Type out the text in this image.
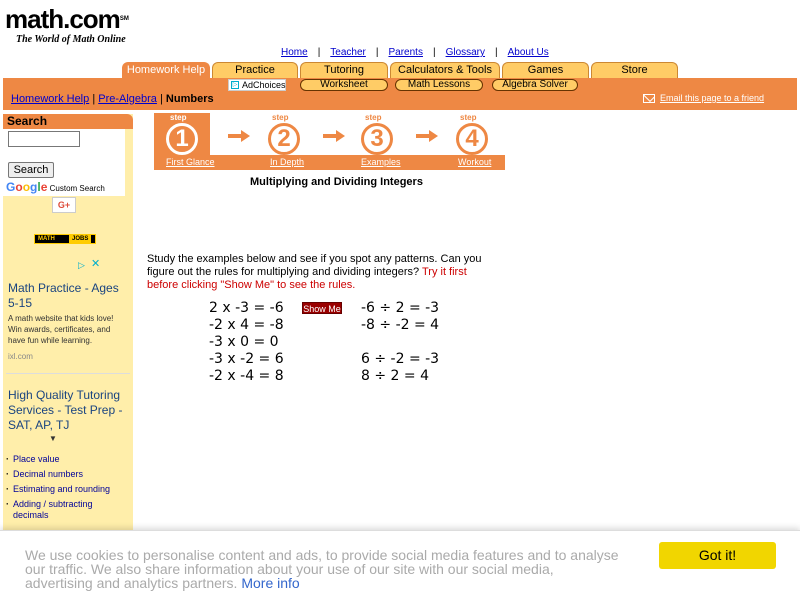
math.comSM
The World of Math Online
Home | Teacher | Parents | Glossary | About Us
Homework Help	Practice	Tutoring	Calculators & Tools	Games	Store
▷ AdChoices	Worksheet	Math Lessons	Algebra Solver
Homework Help | Pre-Algebra | Numbers	Email this page to a friend
Search
Search
Google Custom Search
G+
MATH	JOBS
▷ ✕
Math Practice - Ages 5-15
A math website that kids love! Win awards, certificates, and have fun while learning.
ixl.com
High Quality Tutoring Services - Test Prep - SAT, AP, TJ
▼
· Place value
· Decimal numbers
· Estimating and rounding
· Adding / subtracting decimals
step
1
step
2
step
3
step
4
First Glance	In Depth	Examples	Workout
Multiplying and Dividing Integers
Study the examples below and see if you spot any patterns. Can you figure out the rules for multiplying and dividing integers? Try it first before clicking "Show Me" to see the rules.
2 x -3 = -6
-2 x 4 = -8
-3 x 0 = 0
-3 x -2 = 6
-2 x -4 = 8
Show Me -6 ÷ 2 = -3
-8 ÷ -2 = 4
6 ÷ -2 = -3
8 ÷ 2 = 4
We use cookies to personalise content and ads, to provide social media features and to analyse our traffic. We also share information about your use of our site with our social media, advertising and analytics partners. More info
Got it!
